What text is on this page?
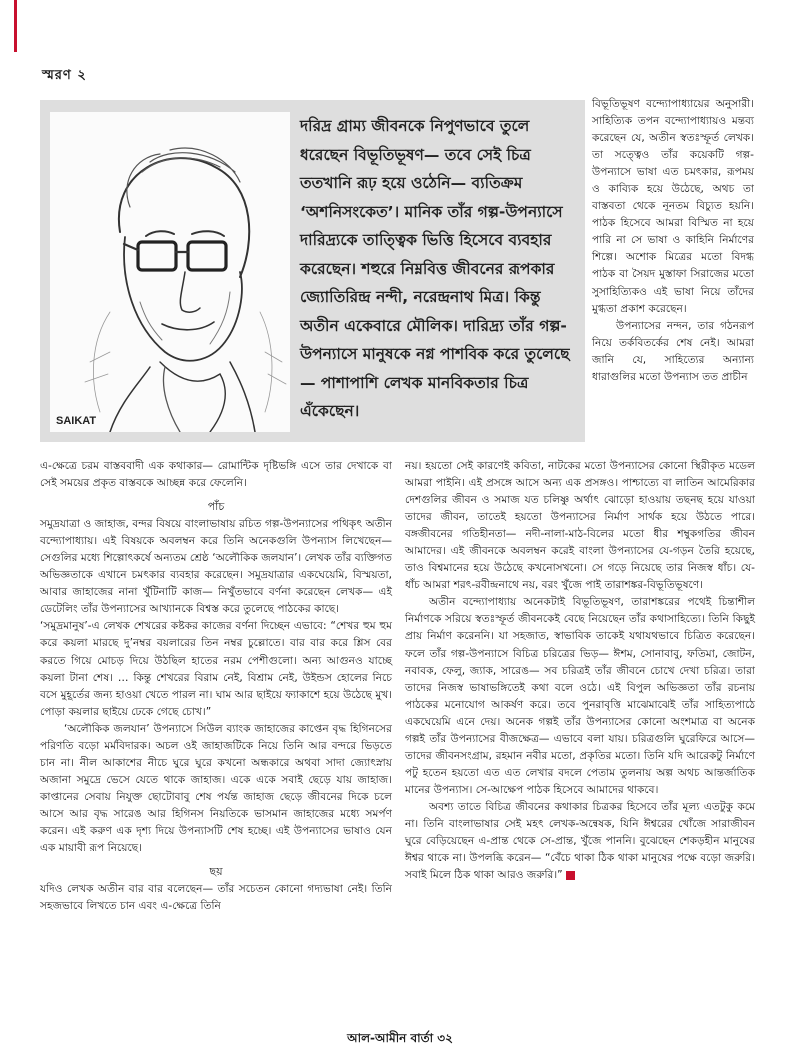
স্মরণ ২
SAIKAT
দরিদ্র গ্রাম্য জীবনকে নিপুণভাবে তুলে ধরেছেন বিভূতিভূষণ— তবে সেই চিত্র ততখানি রূঢ় হয়ে ওঠেনি— ব্যতিক্রম ‘অশনিসংকেত’। মানিক তাঁর গল্প-উপন্যাসে দারিদ্র্যকে তাত্ত্বিক ভিত্তি হিসেবে ব্যবহার করেছেন। শহুরে নিম্নবিত্ত জীবনের রূপকার জ্যোতিরিন্দ্র নন্দী, নরেন্দ্রনাথ মিত্র। কিন্তু অতীন একেবারে মৌলিক। দারিদ্র্য তাঁর গল্প-উপন্যাসে মানুষকে নগ্ন পাশবিক করে তুলেছে— পাশাপাশি লেখক মানবিকতার চিত্র এঁকেছেন।

বিভূতিভূষণ বন্দ্যোপাধ্যায়ের অনুসারী। সাহিত্যিক তপন বন্দ্যোপাধ্যায়ও মন্তব্য করেছেন যে, অতীন স্বতঃস্ফূর্ত লেখক। তা সত্ত্বেও তাঁর কয়েকটি গল্প-উপন্যাসে ভাষা এত চমৎকার, রূপময় ও কাব্যিক হয়ে উঠেছে, অথচ তা বাস্তবতা থেকে নূনতম বিচ্যুত হয়নি। পাঠক হিসেবে আমরা বিস্মিত না হয়ে পারি না সে ভাষা ও কাহিনি নির্মাণের শিল্পে। অশোক মিত্রের মতো বিদগ্ধ পাঠক বা সৈয়দ মুস্তাফা সিরাজের মতো সুসাহিত্যিকও এই ভাষা নিয়ে তাঁদের মুগ্ধতা প্রকাশ করেছেন।

উপন্যাসের নন্দন, তার গঠনরূপ নিয়ে তর্কবিতর্কের শেষ নেই। আমরা জানি যে, সাহিত্যের অন্যান্য ধারাগুলির মতো উপন্যাস তত প্রাচীন

এ-ক্ষেত্রে চরম বাস্তববাদী এক কথাকার— রোমান্টিক দৃষ্টিভঙ্গি এসে তার দেখাকে বা সেই সময়ের প্রকৃত বাস্তবকে আচ্ছন্ন করে ফেলেনি।

পাঁচ

সমুদ্রযাত্রা ও জাহাজ, বন্দর বিষয়ে বাংলাভাষায় রচিত গল্প-উপন্যাসের পথিকৃৎ অতীন বন্দ্যোপাধ্যায়। এই বিষয়কে অবলম্বন করে তিনি অনেকগুলি উপন্যাস লিখেছেন— সেগুলির মধ্যে শিল্পোৎকর্ষে অন্যতম শ্রেষ্ঠ ‘অলৌকিক জলযান’। লেখক তাঁর ব্যক্তিগত অভিজ্ঞতাকে এখানে চমৎকার ব্যবহার করেছেন। সমুদ্রযাত্রার একঘেয়েমি, বিস্ময়তা, আবার জাহাজের নানা খুঁটিনাটি কাজ— নিখুঁতভাবে বর্ণনা করেছেন লেখক— এই ডেটেলিং তাঁর উপন্যাসের আখ্যানকে বিশ্বস্ত করে তুলেছে পাঠকের কাছে।

‘সমুদ্রমানুষ’-এ লেখক শেখরের কষ্টকর কাজের বর্ণনা দিচ্ছেন এভাবে: “শেখর হুম হুম করে কয়লা মারছে দু’নম্বর বয়লারের তিন নম্বর চুল্লোতে। বার বার করে শ্লিস বের করতে গিয়ে মোচড় দিয়ে উঠছিল হাতের নরম পেশীগুলো। অন্য আগুনও যাচ্ছে কয়লা টানা শেষ। … কিন্তু শেখরের বিরাম নেই, বিশ্রাম নেই, উইন্ডস হোলের নিচে বসে মুহূর্তের জন্য হাওয়া খেতে পারল না। ঘাম আর ছাইয়ে ফ্যাকাশে হয়ে উঠেছে মুখ। পোড়া কয়লার ছাইয়ে ঢেকে গেছে চোখ।”

‘অলৌকিক জলযান’ উপন্যাসে সিউল ব্যাংক জাহাজের কাপ্তেন বৃদ্ধ হিগিনসের পরিণতি বড়ো মর্মবিদারক। অচল ওই জাহাজটিকে নিয়ে তিনি আর বন্দরে ভিড়তে চান না। নীল আকাশের নীচে ঘুরে ঘুরে কখনো অন্ধকারে অথবা সাদা জ্যোৎস্নায় অজানা সমুদ্রে ভেসে যেতে থাকে জাহাজ। একে একে সবাই ছেড়ে যায় জাহাজ। কাপ্তানের সেবায় নিযুক্ত ছোটোবাবু শেষ পর্যন্ত জাহাজ ছেড়ে জীবনের দিকে চলে আসে আর বৃদ্ধ সারেঙ আর হিগিনস নিয়তিকে ভাসমান জাহাজের মধ্যে সমর্পণ করেন। এই করুণ এক দৃশ্য দিয়ে উপন্যাসটি শেষ হচ্ছে। এই উপন্যাসের ভাষাও যেন এক মায়াবী রূপ নিয়েছে।

ছয়

যদিও লেখক অতীন বার বার বলেছেন— তাঁর সচেতন কোনো গদ্যভাষা নেই। তিনি সহজভাবে লিখতে চান এবং এ-ক্ষেত্রে তিনি

নয়। হয়তো সেই কারণেই কবিতা, নাটকের মতো উপন্যাসের কোনো স্থিরীকৃত মডেল আমরা পাইনি। এই প্রসঙ্গে আসে অন্য এক প্রসঙ্গও। পাশ্চাত্যে বা লাতিন আমেরিকার দেশগুলির জীবন ও সমাজ যত চলিষ্ণু অর্থাৎ ঝোড়ো হাওয়ায় তছনছ হয়ে যাওয়া তাদের জীবন, তাতেই হয়তো উপন্যাসের নির্মাণ সার্থক হয়ে উঠতে পারে। বঙ্গজীবনের গতিহীনতা— নদী-নালা-মাঠ-বিলের মতো ধীর শম্বুকগতির জীবন আমাদের। এই জীবনকে অবলম্বন করেই বাংলা উপন্যাসের যে-গড়ন তৈরি হয়েছে, তাও বিশ্বমানের হয়ে উঠেছে কখনোসখনো। সে গড়ে নিয়েছে তার নিজস্ব ধাঁচ। যে-ধাঁচ আমরা শরৎ-রবীন্দ্রনাথে নয়, বরং খুঁজে পাই তারাশঙ্কর-বিভূতিভূষণে।

অতীন বন্দ্যোপাধ্যায় অনেকটাই বিভূতিভূষণ, তারাশঙ্করের পথেই চিন্তাশীল নির্মাণকে সরিয়ে স্বতঃস্ফূর্ত জীবনকেই বেছে নিয়েছেন তাঁর কথাসাহিত্যে। তিনি কিছুই প্রায় নির্মাণ করেননি। যা সহজাত, স্বাভাবিক তাকেই যথাযথভাবে চিত্রিত করেছেন। ফলে তাঁর গল্প-উপন্যাসে বিচিত্র চরিত্রের ভিড়— ঈশম, সোনাবাবু, ফতিমা, জোটন, নবাবক, ফেলু, জ্যাক, সারেঙ— সব চরিত্রই তাঁর জীবনে চোখে দেখা চরিত্র। তারা তাদের নিজস্ব ভাষাভঙ্গিতেই কথা বলে ওঠে। এই বিপুল অভিজ্ঞতা তাঁর রচনায় পাঠকের মনোযোগ আকর্ষণ করে। তবে পুনরাবৃত্তি মাঝেমাঝেই তাঁর সাহিত্যপাঠে একঘেয়েমি এনে দেয়। অনেক গল্পই তাঁর উপন্যাসের কোনো অংশমাত্র বা অনেক গল্পই তাঁর উপন্যাসের বীজক্ষেত্র— এভাবে বলা যায়। চরিত্রগুলি ঘুরেফিরে আসে— তাদের জীবনসংগ্রাম, রহমান নবীর মতো, প্রকৃতির মতো। তিনি যদি আরেকটু নির্মাণে পটু হতেন হয়তো এত এত লেখার বদলে পেতাম তুলনায় অল্প অথচ আন্তর্জাতিক মানের উপন্যাস। সে-আক্ষেপ পাঠক হিসেবে আমাদের থাকবে।

অবশ্য তাতে বিচিত্র জীবনের কথাকার চিত্রকর হিসেবে তাঁর মূল্য এতটুকু কমে না। তিনি বাংলাভাষার সেই মহৎ লেখক-অন্বেষক, যিনি ঈশ্বরের খোঁজে সারাজীবন ঘুরে বেড়িয়েছেন এ-প্রান্ত থেকে সে-প্রান্ত, খুঁজে পাননি। বুঝেছেন শেকড়হীন মানুষের ঈশ্বর থাকে না। উপলব্ধি করেন— “বেঁচে থাকা ঠিক থাকা মানুষের পক্ষে বড়ো জরুরি। সবাই মিলে ঠিক থাকা আরও জরুরি।”

আল-আমীন বার্তা ৩২
